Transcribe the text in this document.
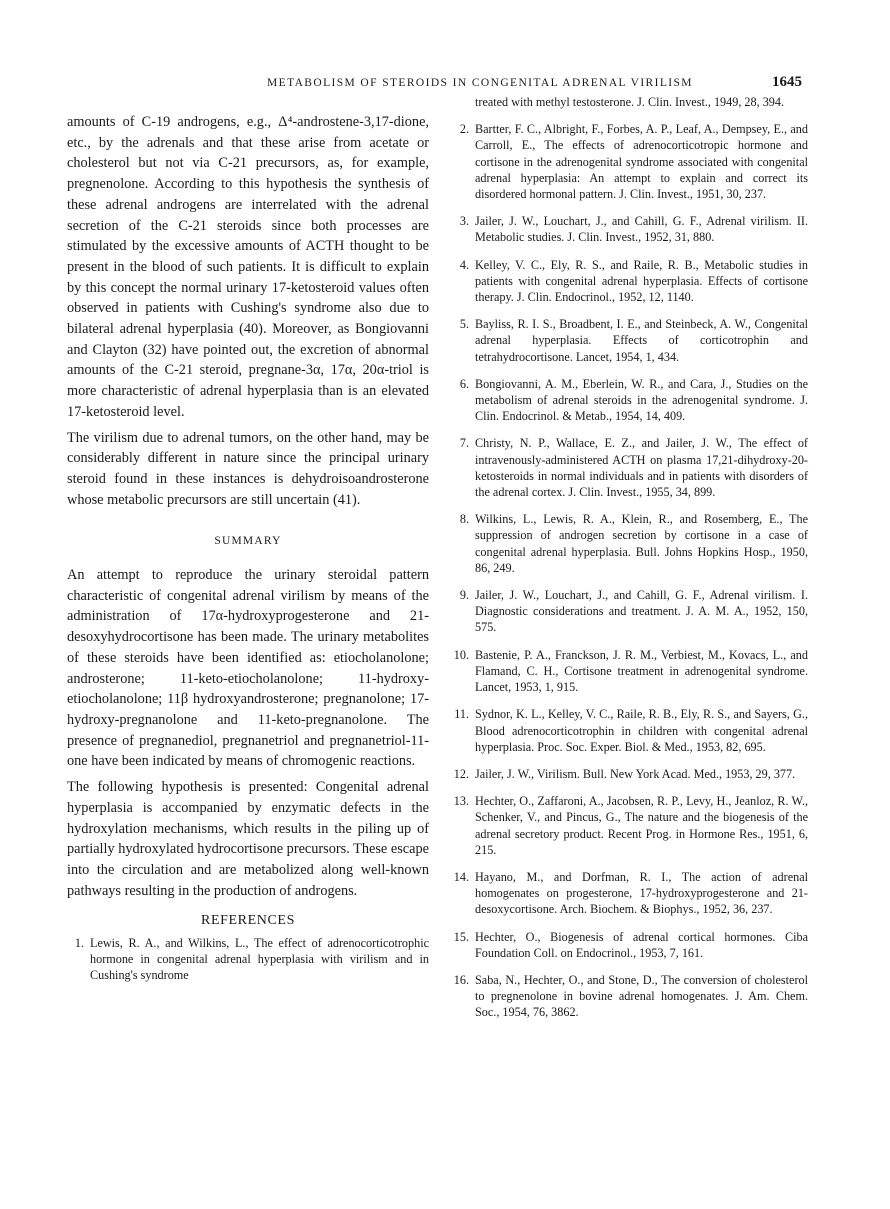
METABOLISM OF STEROIDS IN CONGENITAL ADRENAL VIRILISM	1645

amounts of C-19 androgens, e.g., Δ⁴-androstene-3,17-dione, etc., by the adrenals and that these arise from acetate or cholesterol but not via C-21 precursors, as, for example, pregnenolone. According to this hypothesis the synthesis of these adrenal androgens are interrelated with the adrenal secretion of the C-21 steroids since both processes are stimulated by the excessive amounts of ACTH thought to be present in the blood of such patients. It is difficult to explain by this concept the normal urinary 17-ketosteroid values often observed in patients with Cushing's syndrome also due to bilateral adrenal hyperplasia (40). Moreover, as Bongiovanni and Clayton (32) have pointed out, the excretion of abnormal amounts of the C-21 steroid, pregnane-3α, 17α, 20α-triol is more characteristic of adrenal hyperplasia than is an elevated 17-ketosteroid level.

The virilism due to adrenal tumors, on the other hand, may be considerably different in nature since the principal urinary steroid found in these instances is dehydroisoandrosterone whose metabolic precursors are still uncertain (41).

SUMMARY

An attempt to reproduce the urinary steroidal pattern characteristic of congenital adrenal virilism by means of the administration of 17α-hydroxyprogesterone and 21-desoxyhydrocortisone has been made. The urinary metabolites of these steroids have been identified as: etiocholanolone; androsterone; 11-keto-etiocholanolone; 11-hydroxy-etiocholanolone; 11β hydroxyandrosterone; pregnanolone; 17-hydroxy-pregnanolone and 11-keto-pregnanolone. The presence of pregnanediol, pregnanetriol and pregnanetriol-11-one have been indicated by means of chromogenic reactions.

The following hypothesis is presented: Congenital adrenal hyperplasia is accompanied by enzymatic defects in the hydroxylation mechanisms, which results in the piling up of partially hydroxylated hydrocortisone precursors. These escape into the circulation and are metabolized along well-known pathways resulting in the production of androgens.

REFERENCES
1. Lewis, R. A., and Wilkins, L., The effect of adrenocorticotrophic hormone in congenital adrenal hyperplasia with virilism and in Cushing's syndrome
treated with methyl testosterone. J. Clin. Invest., 1949, 28, 394.
2. Bartter, F. C., Albright, F., Forbes, A. P., Leaf, A., Dempsey, E., and Carroll, E., The effects of adrenocorticotropic hormone and cortisone in the adrenogenital syndrome associated with congenital adrenal hyperplasia: An attempt to explain and correct its disordered hormonal pattern. J. Clin. Invest., 1951, 30, 237.
3. Jailer, J. W., Louchart, J., and Cahill, G. F., Adrenal virilism. II. Metabolic studies. J. Clin. Invest., 1952, 31, 880.
4. Kelley, V. C., Ely, R. S., and Raile, R. B., Metabolic studies in patients with congenital adrenal hyperplasia. Effects of cortisone therapy. J. Clin. Endocrinol., 1952, 12, 1140.
5. Bayliss, R. I. S., Broadbent, I. E., and Steinbeck, A. W., Congenital adrenal hyperplasia. Effects of corticotrophin and tetrahydrocortisone. Lancet, 1954, 1, 434.
6. Bongiovanni, A. M., Eberlein, W. R., and Cara, J., Studies on the metabolism of adrenal steroids in the adrenogenital syndrome. J. Clin. Endocrinol. & Metab., 1954, 14, 409.
7. Christy, N. P., Wallace, E. Z., and Jailer, J. W., The effect of intravenously-administered ACTH on plasma 17,21-dihydroxy-20-ketosteroids in normal individuals and in patients with disorders of the adrenal cortex. J. Clin. Invest., 1955, 34, 899.
8. Wilkins, L., Lewis, R. A., Klein, R., and Rosemberg, E., The suppression of androgen secretion by cortisone in a case of congenital adrenal hyperplasia. Bull. Johns Hopkins Hosp., 1950, 86, 249.
9. Jailer, J. W., Louchart, J., and Cahill, G. F., Adrenal virilism. I. Diagnostic considerations and treatment. J. A. M. A., 1952, 150, 575.
10. Bastenie, P. A., Franckson, J. R. M., Verbiest, M., Kovacs, L., and Flamand, C. H., Cortisone treatment in adrenogenital syndrome. Lancet, 1953, 1, 915.
11. Sydnor, K. L., Kelley, V. C., Raile, R. B., Ely, R. S., and Sayers, G., Blood adrenocorticotrophin in children with congenital adrenal hyperplasia. Proc. Soc. Exper. Biol. & Med., 1953, 82, 695.
12. Jailer, J. W., Virilism. Bull. New York Acad. Med., 1953, 29, 377.
13. Hechter, O., Zaffaroni, A., Jacobsen, R. P., Levy, H., Jeanloz, R. W., Schenker, V., and Pincus, G., The nature and the biogenesis of the adrenal secretory product. Recent Prog. in Hormone Res., 1951, 6, 215.
14. Hayano, M., and Dorfman, R. I., The action of adrenal homogenates on progesterone, 17-hydroxyprogesterone and 21-desoxycortisone. Arch. Biochem. & Biophys., 1952, 36, 237.
15. Hechter, O., Biogenesis of adrenal cortical hormones. Ciba Foundation Coll. on Endocrinol., 1953, 7, 161.
16. Saba, N., Hechter, O., and Stone, D., The conversion of cholesterol to pregnenolone in bovine adrenal homogenates. J. Am. Chem. Soc., 1954, 76, 3862.
